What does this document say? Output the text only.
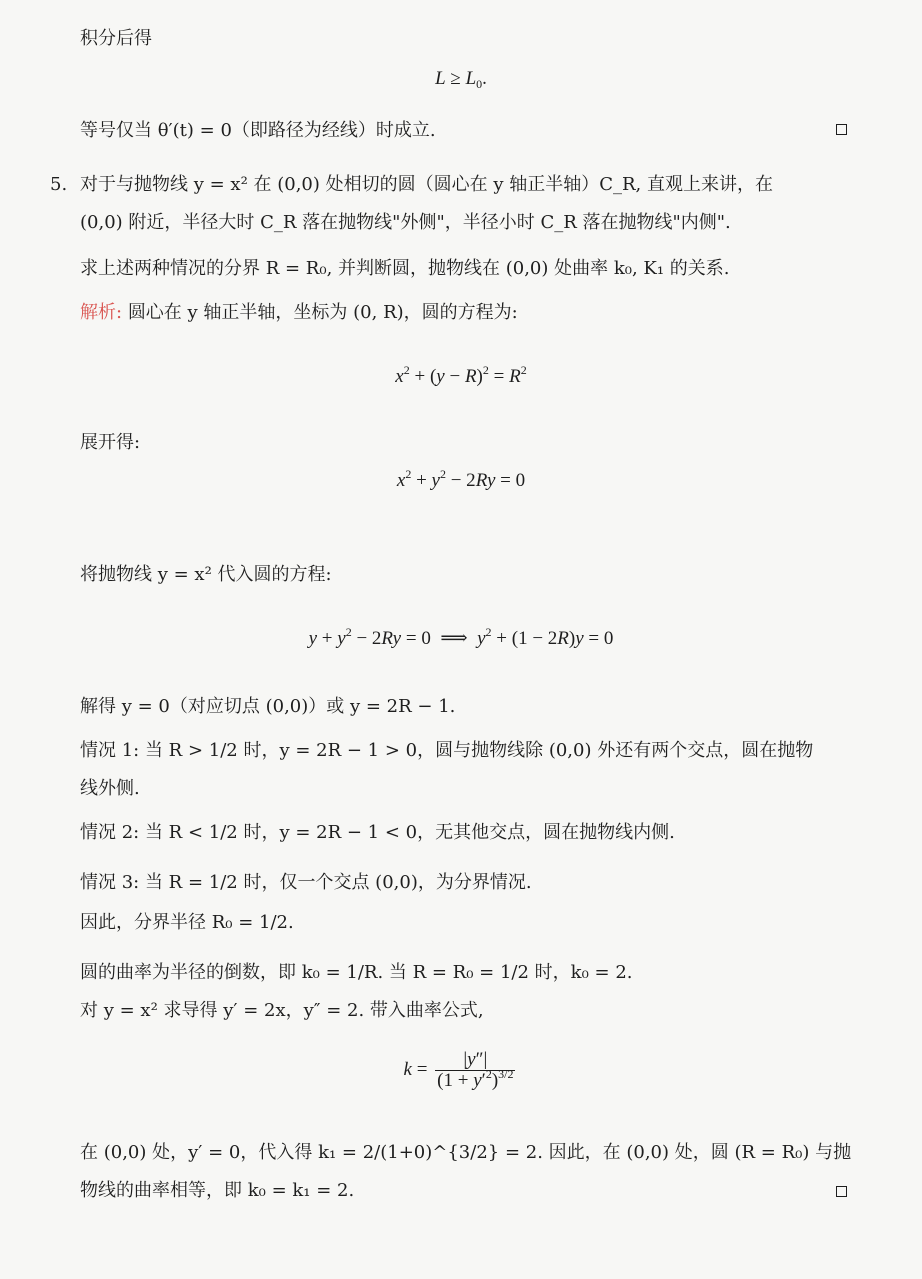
积分后得
$L \ge L_0$.
等号仅当 θ′(t) = 0（即路径为经线）时成立.
5. 对于与抛物线 y = x² 在 (0,0) 处相切的圆（圆心在 y 轴正半轴）C_R, 直观上来讲，在
(0,0) 附近，半径大时 C_R 落在抛物线"外侧"，半径小时 C_R 落在抛物线"内侧".
求上述两种情况的分界 R = R₀, 并判断圆，抛物线在 (0,0) 处曲率 k₀, K₁ 的关系.
解析: 圆心在 y 轴正半轴，坐标为 (0, R)，圆的方程为:
$x^2 + (y - R)^2 = R^2$
展开得:
$x^2 + y^2 - 2Ry = 0$
将抛物线 y = x² 代入圆的方程:
$y + y^2 - 2Ry = 0$  ⟹  $y^2 + (1 - 2R)y = 0$
解得 y = 0（对应切点 (0,0)）或 y = 2R − 1.
情况 1: 当 R > 1/2 时，y = 2R − 1 > 0，圆与抛物线除 (0,0) 外还有两个交点，圆在抛物
线外侧.
情况 2: 当 R < 1/2 时，y = 2R − 1 < 0，无其他交点，圆在抛物线内侧.
情况 3: 当 R = 1/2 时，仅一个交点 (0,0)，为分界情况.
因此，分界半径 R₀ = 1/2.
圆的曲率为半径的倒数，即 k₀ = 1/R. 当 R = R₀ = 1/2 时，k₀ = 2.
对 y = x² 求导得 y′ = 2x，y″ = 2. 带入曲率公式,
$k = \frac{|y''|}{(1 + y'^2)^{3/2}}$
在 (0,0) 处，y′ = 0，代入得 k₁ = 2/(1+0)^{3/2} = 2. 因此，在 (0,0) 处，圆 (R = R₀) 与抛
物线的曲率相等，即 k₀ = k₁ = 2.
